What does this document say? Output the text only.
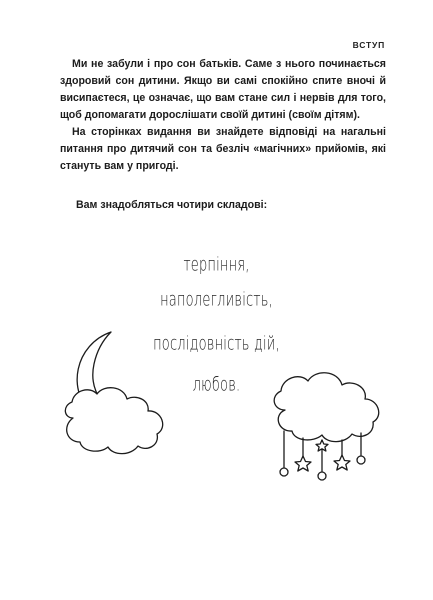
ВСТУП

Ми не забули і про сон батьків. Саме з нього починається здоровий сон дитини. Якщо ви самі спокійно спите вночі й висипаєтеся, це означає, що вам стане сил і нервів для того, щоб допомагати дорослішати своїй дитині (своїм дітям).

На сторінках видання ви знайдете відповіді на нагальні питання про дитячий сон та безліч «магічних» прийомів, які стануть вам у пригоді.

Вам знадобляться чотири складові:
терпіння,
наполегливість,
послідовність дій,
любов.
